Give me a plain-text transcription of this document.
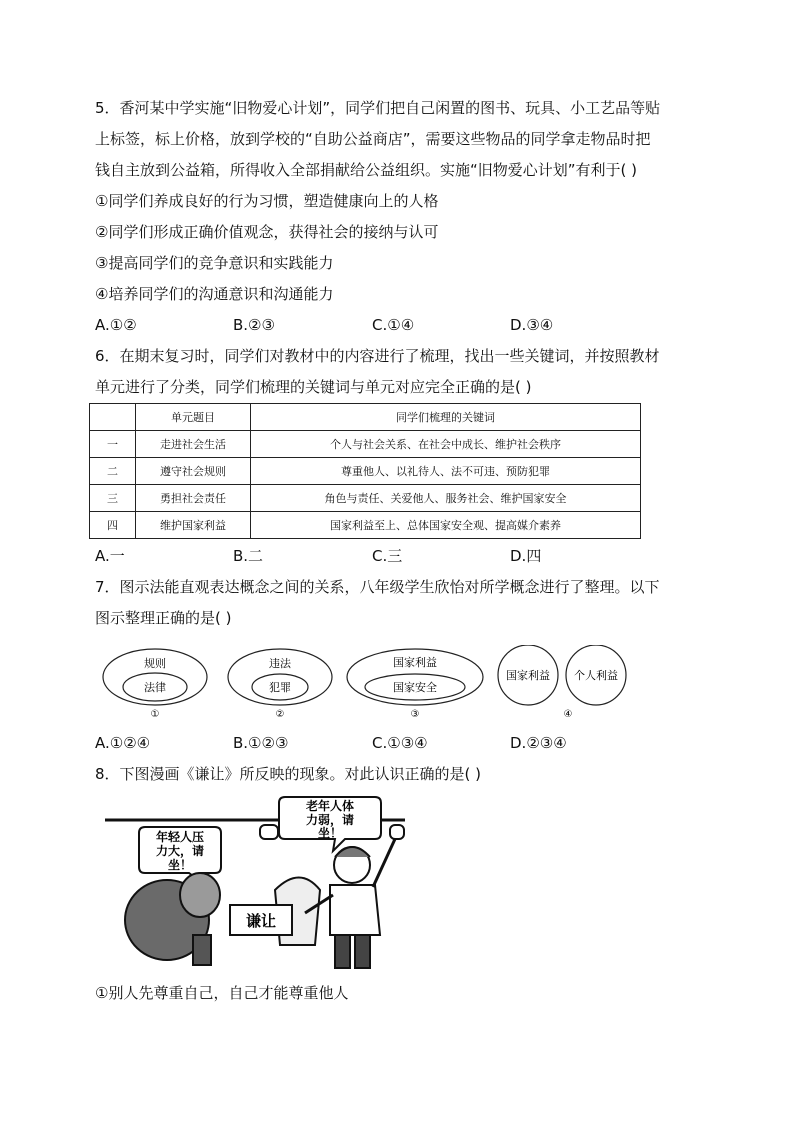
5．香河某中学实施“旧物爱心计划”，同学们把自己闲置的图书、玩具、小工艺品等贴
上标签，标上价格，放到学校的“自助公益商店”，需要这些物品的同学拿走物品时把
钱自主放到公益箱，所得收入全部捐献给公益组织。实施“旧物爱心计划”有利于( )
①同学们养成良好的行为习惯，塑造健康向上的人格
②同学们形成正确价值观念，获得社会的接纳与认可
③提高同学们的竞争意识和实践能力
④培养同学们的沟通意识和沟通能力
A.①②	B.②③	C.①④	D.③④
6．在期末复习时，同学们对教材中的内容进行了梳理，找出一些关键词，并按照教材
单元进行了分类，同学们梳理的关键词与单元对应完全正确的是( )
	单元题目	同学们梳理的关键词
一	走进社会生活	个人与社会关系、在社会中成长、维护社会秩序
二	遵守社会规则	尊重他人、以礼待人、法不可违、预防犯罪
三	勇担社会责任	角色与责任、关爱他人、服务社会、维护国家安全
四	维护国家利益	国家利益至上、总体国家安全观、提高媒介素养
A.一	B.二	C.三	D.四
7．图示法能直观表达概念之间的关系，八年级学生欣怡对所学概念进行了整理。以下
图示整理正确的是( )
规则
法律
①
违法
犯罪
②
国家利益
国家安全
③
国家利益 个人利益
④
A.①②④	B.①②③	C.①③④	D.②③④
8．下图漫画《谦让》所反映的现象。对此认识正确的是( )
老年人体
力弱，请
坐！
年轻人压
力大，请
坐！
谦让
①别人先尊重自己，自己才能尊重他人
